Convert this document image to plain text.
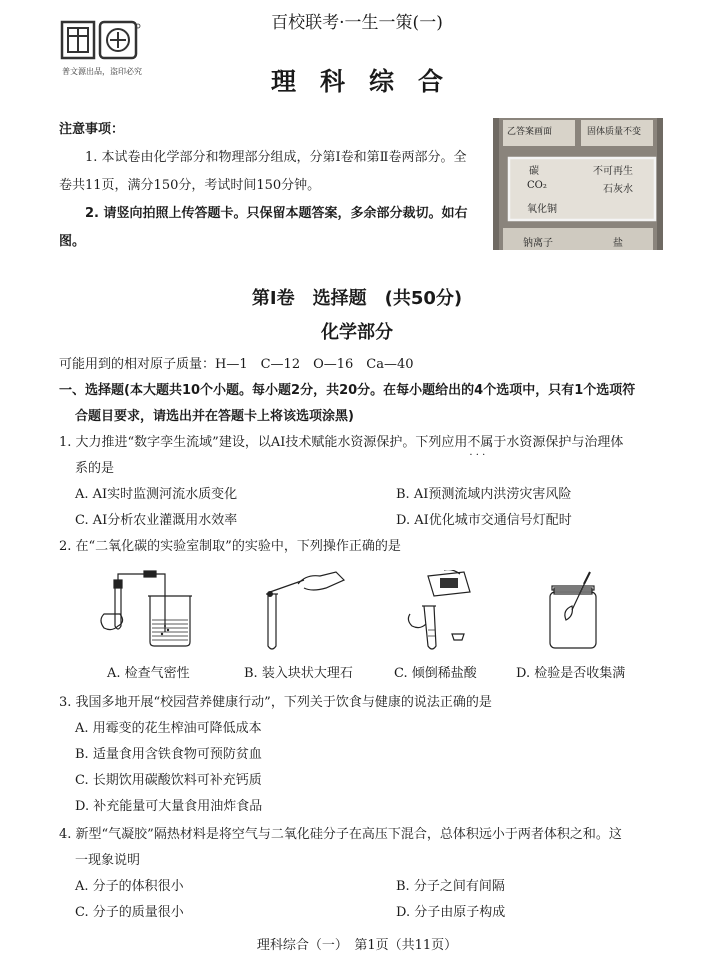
普文源出品，盗印必究
百校联考·一生一策(一)
理科综合
注意事项：
1. 本试卷由化学部分和物理部分组成，分第Ⅰ卷和第Ⅱ卷两部分。全卷共11页，满分150分，考试时间150分钟。
2. 请竖向拍照上传答题卡。只保留本题答案，多余部分裁切。如右图。
乙答案画面	固体质量不变
碳	不可再生
CO₂	石灰水
氧化铜
钠离子	盐
第Ⅰ卷　选择题　(共50分)
化学部分
可能用到的相对原子质量：H—1　C—12　O—16　Ca—40
一、选择题(本大题共10个小题。每小题2分，共20分。在每小题给出的4个选项中，只有1个选项符
合题目要求，请选出并在答题卡上将该选项涂黑)
1. 大力推进“数字孪生流域”建设，以AI技术赋能水资源保护。下列应用不属于 · · ·水资源保护与治理体
系的是
A. AI实时监测河流水质变化	B. AI预测流域内洪涝灾害风险
C. AI分析农业灌溉用水效率	D. AI优化城市交通信号灯配时
2. 在“二氧化碳的实验室制取”的实验中，下列操作正确的是
A. 检查气密性	B. 装入块状大理石	C. 倾倒稀盐酸	D. 检验是否收集满
3. 我国多地开展“校园营养健康行动”，下列关于饮食与健康的说法正确的是
A. 用霉变的花生榨油可降低成本
B. 适量食用含铁食物可预防贫血
C. 长期饮用碳酸饮料可补充钙质
D. 补充能量可大量食用油炸食品
4. 新型“气凝胶”隔热材料是将空气与二氧化硅分子在高压下混合，总体积远小于两者体积之和。这
一现象说明
A. 分子的体积很小	B. 分子之间有间隔
C. 分子的质量很小	D. 分子由原子构成
理科综合（一）　第1页（共11页）
